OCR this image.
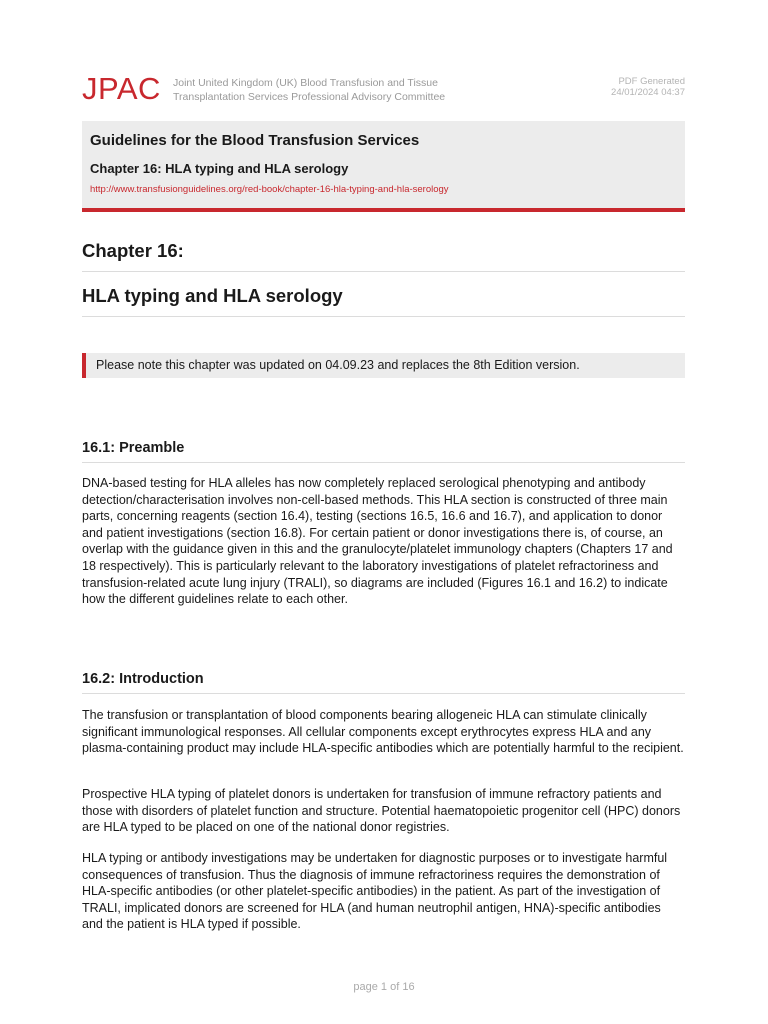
JPAC Joint United Kingdom (UK) Blood Transfusion and Tissue
Transplantation Services Professional Advisory Committee
PDF Generated
24/01/2024 04:37
Guidelines for the Blood Transfusion Services
Chapter 16: HLA typing and HLA serology
http://www.transfusionguidelines.org/red-book/chapter-16-hla-typing-and-hla-serology
Chapter 16:
HLA typing and HLA serology
Please note this chapter was updated on 04.09.23 and replaces the 8th Edition version.
16.1: Preamble

DNA-based testing for HLA alleles has now completely replaced serological phenotyping and antibody detection/characterisation involves non-cell-based methods. This HLA section is constructed of three main parts, concerning reagents (section 16.4), testing (sections 16.5, 16.6 and 16.7), and application to donor and patient investigations (section 16.8). For certain patient or donor investigations there is, of course, an overlap with the guidance given in this and the granulocyte/platelet immunology chapters (Chapters 17 and 18 respectively). This is particularly relevant to the laboratory investigations of platelet refractoriness and transfusion-related acute lung injury (TRALI), so diagrams are included (Figures 16.1 and 16.2) to indicate how the different guidelines relate to each other.

16.2: Introduction

The transfusion or transplantation of blood components bearing allogeneic HLA can stimulate clinically significant immunological responses. All cellular components except erythrocytes express HLA and any plasma-containing product may include HLA-specific antibodies which are potentially harmful to the recipient.

Prospective HLA typing of platelet donors is undertaken for transfusion of immune refractory patients and those with disorders of platelet function and structure. Potential haematopoietic progenitor cell (HPC) donors are HLA typed to be placed on one of the national donor registries.

HLA typing or antibody investigations may be undertaken for diagnostic purposes or to investigate harmful consequences of transfusion. Thus the diagnosis of immune refractoriness requires the demonstration of HLA-specific antibodies (or other platelet-specific antibodies) in the patient. As part of the investigation of TRALI, implicated donors are screened for HLA (and human neutrophil antigen, HNA)-specific antibodies and the patient is HLA typed if possible.

page 1 of 16
